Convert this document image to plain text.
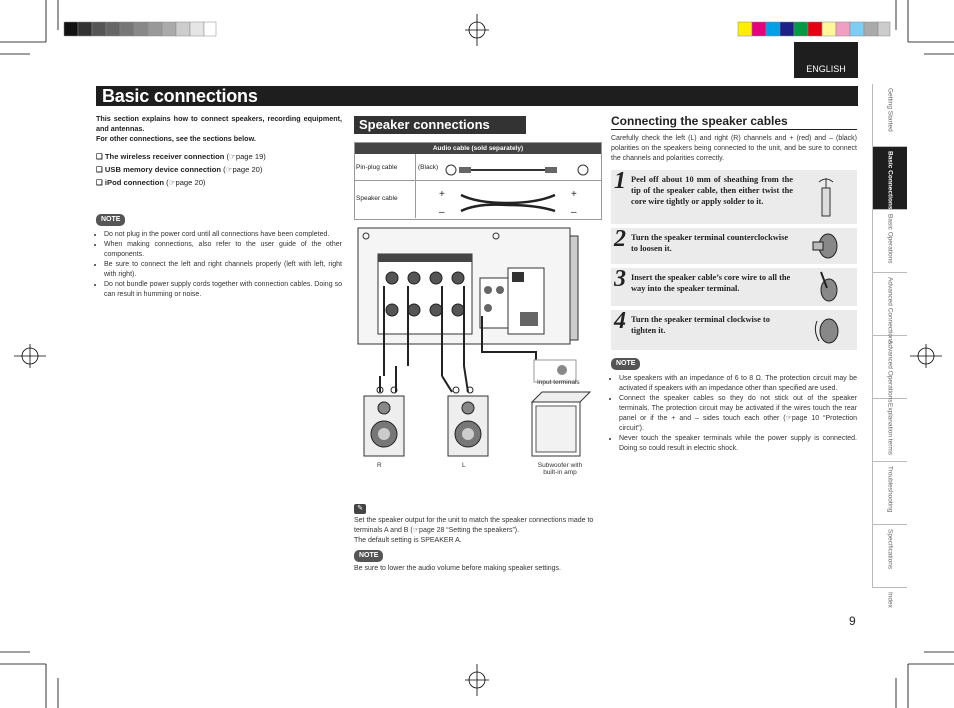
ENGLISH
Basic connections
This section explains how to connect speakers, recording equipment, and antennas.
For other connections, see the sections below.
❑ The wireless receiver connection (☞page 19)
❑ USB memory device connection (☞page 20)
❑ iPod connection (☞page 20)
NOTE
• Do not plug in the power cord until all connections have been completed.
• When making connections, also refer to the user guide of the other components.
• Be sure to connect the left and right channels properly (left with left, right with right).
• Do not bundle power supply cords together with connection cables. Doing so can result in humming or noise.
Speaker connections
Audio cable (sold separately)
Pin-plug cable	(Black)
Speaker cable	+
–
+
–
Input terminals
R	L	Subwoofer with
built-in amp
✎
Set the speaker output for the unit to match the speaker connections made to terminals A and B (☞page 28 “Setting the speakers”).
The default setting is SPEAKER A.
NOTE
Be sure to lower the audio volume before making speaker settings.
Connecting the speaker cables
Carefully check the left (L) and right (R) channels and + (red) and – (black) polarities on the speakers being connected to the unit, and be sure to connect the channels and polarities correctly.
1 Peel off about 10 mm of sheathing from the tip of the speaker cable, then either twist the core wire tightly or apply solder to it.
2 Turn the speaker terminal counterclockwise to loosen it.
3 Insert the speaker cable’s core wire to all the way into the speaker terminal.
4 Turn the speaker terminal clockwise to tighten it.
NOTE
• Use speakers with an impedance of 6 to 8 Ω. The protection circuit may be activated if speakers with an impedance other than specified are used.
• Connect the speaker cables so they do not stick out of the speaker terminals. The protection circuit may be activated if the wires touch the rear panel or if the + and – sides touch each other (☞page 10 “Protection circuit”).
• Never touch the speaker terminals while the power supply is connected. Doing so could result in electric shock.
Getting Started
Basic Connections
Basic Operations
Advanced Connections
Advanced Operations
Explanation terms
Troubleshooting
Specifications
Index
9
